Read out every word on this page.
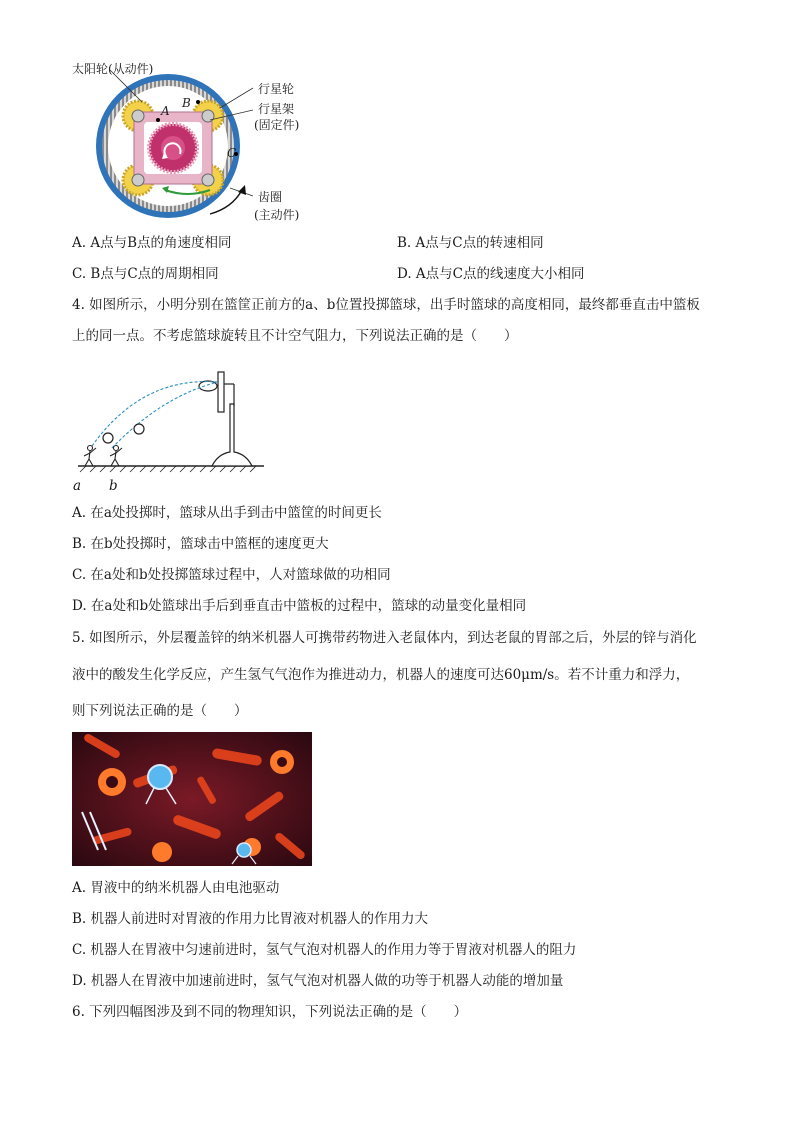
太阳轮(从动件)
行星轮
行星架
(固定件)
齿圈
(主动件)
A
B
C
A. A点与B点的角速度相同	B. A点与C点的转速相同
C. B点与C点的周期相同	D. A点与C点的线速度大小相同
4. 如图所示，小明分别在篮筐正前方的a、b位置投掷篮球，出手时篮球的高度相同，最终都垂直击中篮板
上的同一点。不考虑篮球旋转且不计空气阻力，下列说法正确的是（　　）
a b
A. 在a处投掷时，篮球从出手到击中篮筐的时间更长
B. 在b处投掷时，篮球击中篮框的速度更大
C. 在a处和b处投掷篮球过程中，人对篮球做的功相同
D. 在a处和b处篮球出手后到垂直击中篮板的过程中，篮球的动量变化量相同
5. 如图所示，外层覆盖锌的纳米机器人可携带药物进入老鼠体内，到达老鼠的胃部之后，外层的锌与消化
液中的酸发生化学反应，产生氢气气泡作为推进动力，机器人的速度可达60μm/s。若不计重力和浮力，
则下列说法正确的是（　　）
A. 胃液中的纳米机器人由电池驱动
B. 机器人前进时对胃液的作用力比胃液对机器人的作用力大
C. 机器人在胃液中匀速前进时，氢气气泡对机器人的作用力等于胃液对机器人的阻力
D. 机器人在胃液中加速前进时，氢气气泡对机器人做的功等于机器人动能的增加量
6. 下列四幅图涉及到不同的物理知识，下列说法正确的是（　　）
